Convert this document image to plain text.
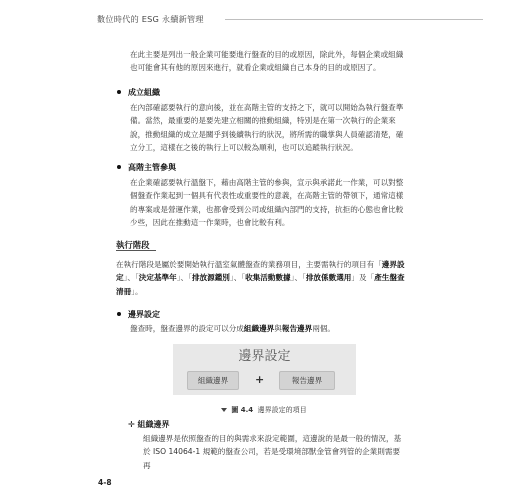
數位時代的 ESG 永續新管理
在此主要是列出一般企業可能要進行盤查的目的或原因，除此外，每個企業或組織也可能會其有他的原因來進行，就看企業或組織自己本身的目的或原因了。
成立組織
在內部確認要執行的意向後，並在高階主管的支持之下，就可以開始為執行盤查準備。當然，最重要的是要先建立相關的推動組織，特別是在第一次執行的企業來說，推動組織的成立是關乎到後續執行的狀況，將所需的職掌與人員確認清楚，確立分工，這樣在之後的執行上可以較為順利，也可以追蹤執行狀況。
高階主管參與
在企業確認要執行溫盤下，藉由高階主管的參與，宣示與承諾此一作業，可以對整個盤查作業起到一個具有代表性或重要性的意義，在高階主管的帶領下，通常這樣的專案或是營運作業，也都會受到公司或組織內部門的支持，抗拒的心態也會比較少些，因此在推動這一作業時，也會比較有利。
執行階段
在執行階段是屬於要開始執行溫室氣體盤查的業務項目，主要需執行的項目有「邊界設定」、「決定基準年」、「排放源鑑別」、「收集活動數據」、「排放係數選用」及「產生盤查清冊」。
邊界設定
盤查時，盤查邊界的設定可以分成組織邊界與報告邊界兩個。
邊界設定
組織邊界	+	報告邊界
圖 4.4 邊界設定的項目
✛ 組織邊界
組織邊界是依照盤查的目的與需求來設定範圍，這邊說的是最一般的情況，基於 ISO 14064-1 規範的盤查公司，若是受環境部獸金管會列管的企業則需要再
4-8
